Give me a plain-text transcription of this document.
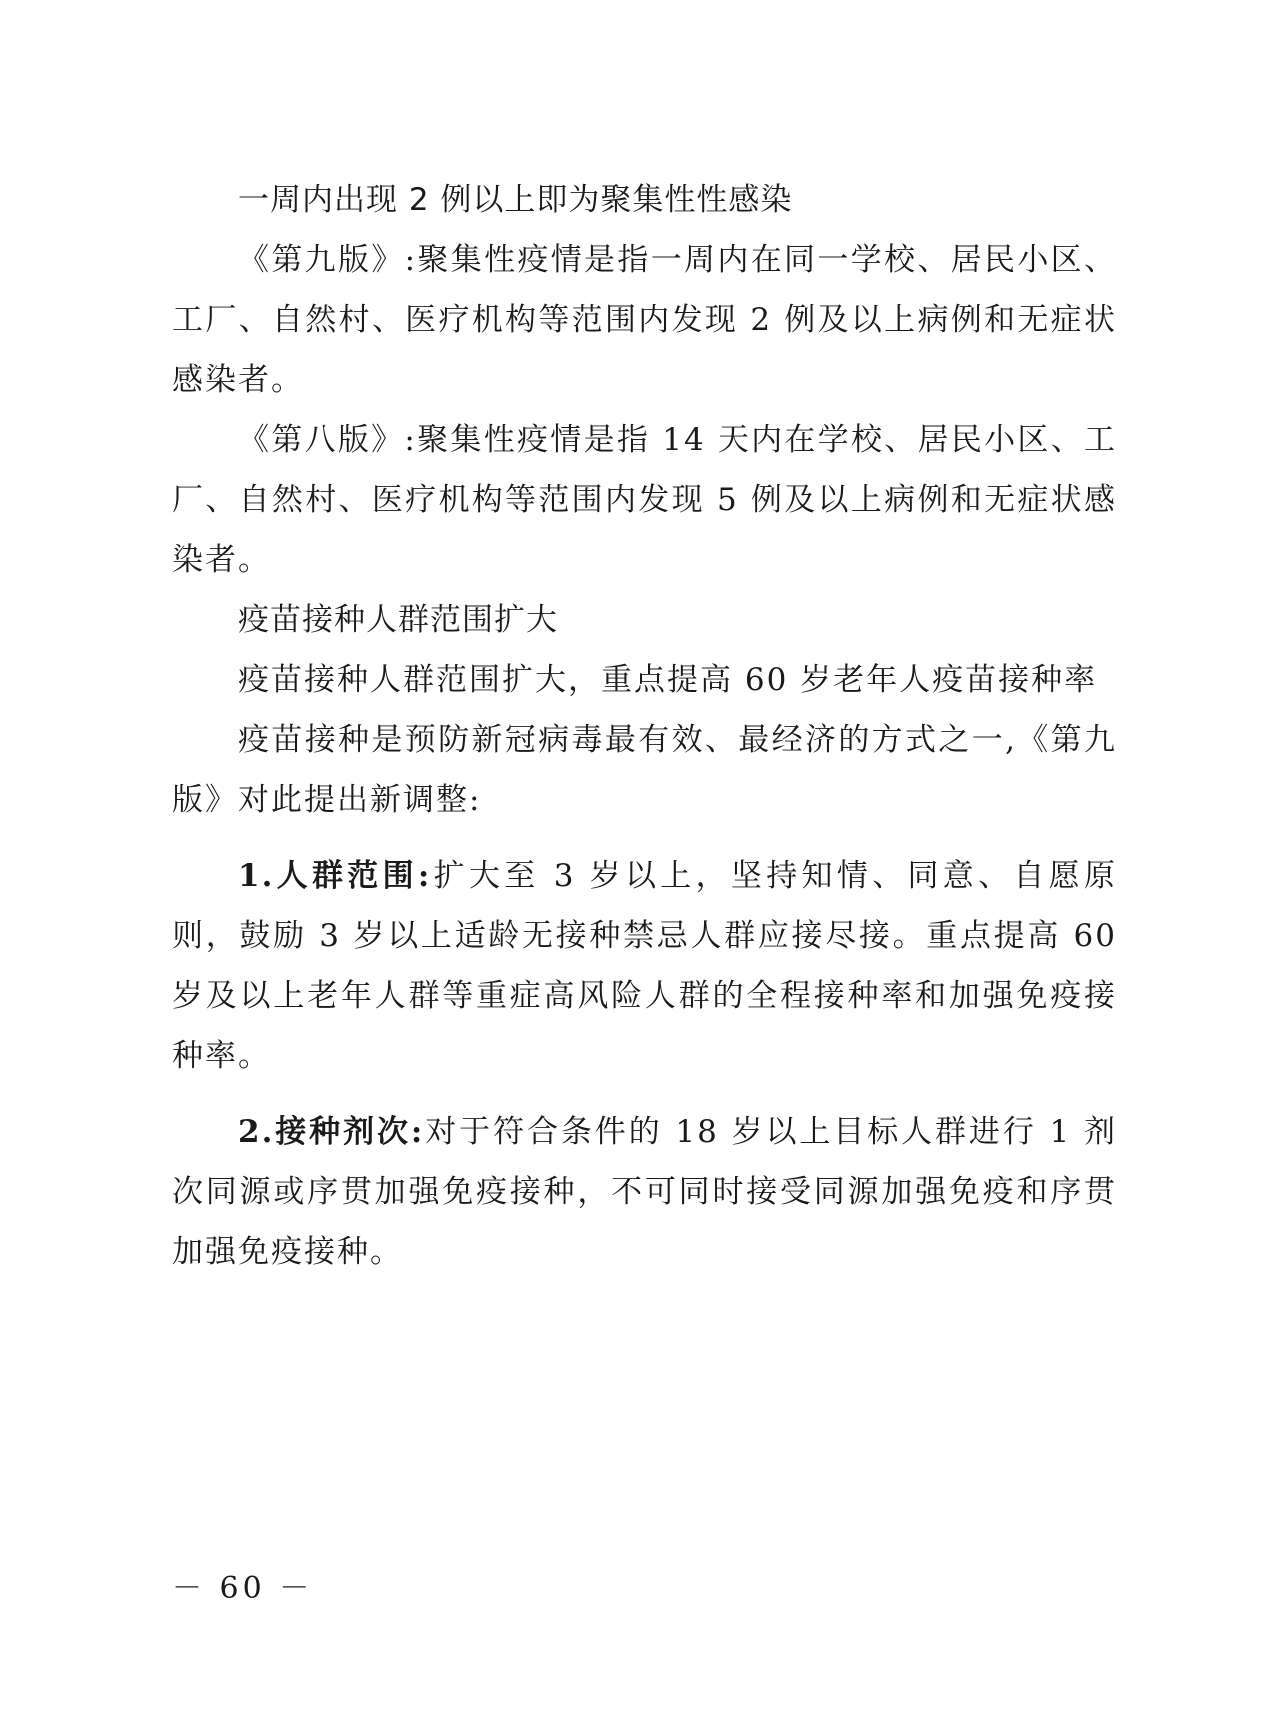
一周内出现 2 例以上即为聚集性性感染

《第九版》:聚集性疫情是指一周内在同一学校、居民小区、工厂、自然村、医疗机构等范围内发现 2 例及以上病例和无症状感染者。

《第八版》:聚集性疫情是指 14 天内在学校、居民小区、工厂、自然村、医疗机构等范围内发现 5 例及以上病例和无症状感染者。

疫苗接种人群范围扩大

疫苗接种人群范围扩大，重点提高 60 岁老年人疫苗接种率

疫苗接种是预防新冠病毒最有效、最经济的方式之一,《第九版》对此提出新调整:

1.人群范围:扩大至 3 岁以上，坚持知情、同意、自愿原则，鼓励 3 岁以上适龄无接种禁忌人群应接尽接。重点提高 60 岁及以上老年人群等重症高风险人群的全程接种率和加强免疫接种率。

2.接种剂次:对于符合条件的 18 岁以上目标人群进行 1 剂次同源或序贯加强免疫接种，不可同时接受同源加强免疫和序贯加强免疫接种。

－ 60 －
